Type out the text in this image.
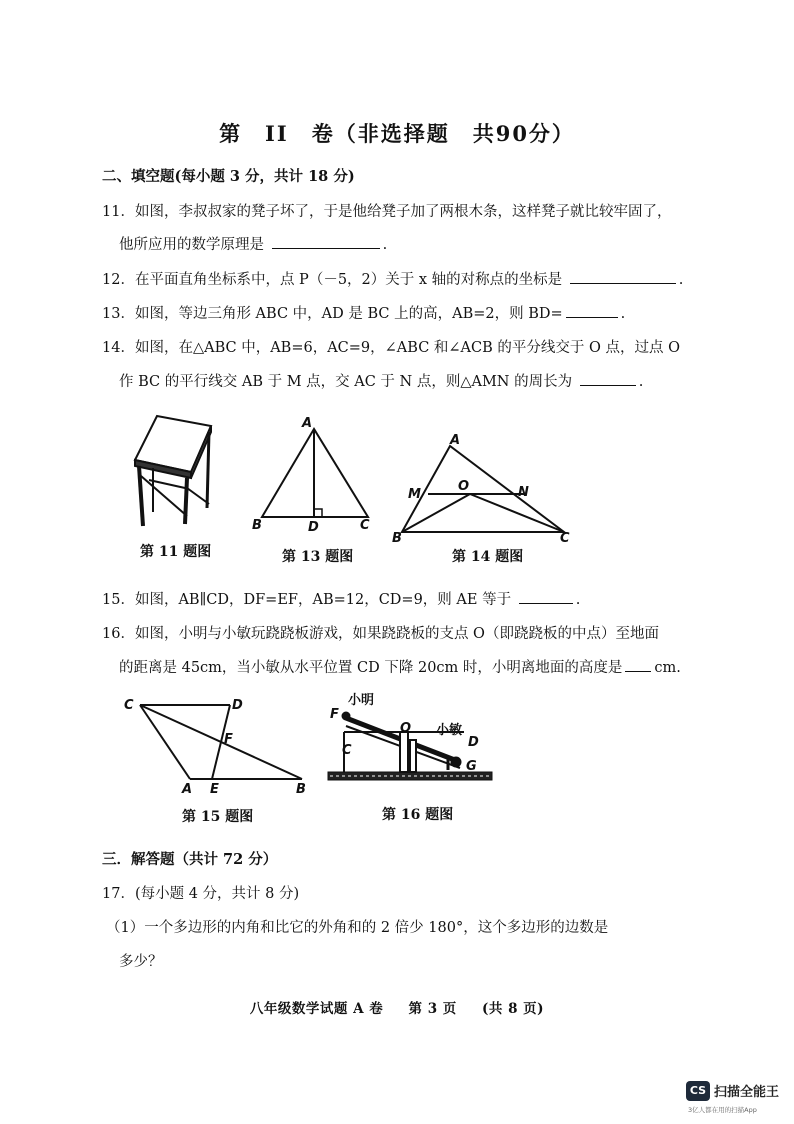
第　II　卷（非选择题　共90分）
二、填空题(每小题 3 分，共计 18 分)
11．如图，李叔叔家的凳子坏了，于是他给凳子加了两根木条，这样凳子就比较牢固了，
他所应用的数学原理是	.
12．在平面直角坐标系中，点 P（－5，2）关于 x 轴的对称点的坐标是	.
13．如图，等边三角形 ABC 中，AD 是 BC 上的高，AB=2，则 BD=	.
14．如图，在△ABC 中，AB=6，AC=9，∠ABC 和∠ACB 的平分线交于 O 点，过点 O
作 BC 的平行线交 AB 于 M 点，交 AC 于 N 点，则△AMN 的周长为	.
第 11 题图
A
B	D	C
第 13 题图
A
M
O	N
B	C
第 14 题图
15．如图，AB∥CD，DF=EF，AB=12，CD=9，则 AE 等于	.
16．如图，小明与小敏玩跷跷板游戏，如果跷跷板的支点 O（即跷跷板的中点）至地面
的距离是 45cm，当小敏从水平位置 CD 下降 20cm 时，小明离地面的高度是 cm.
C	D
F
A E	B
第 15 题图
小明
F
O 小敏
C
D
G
第 16 题图
三．解答题（共计 72 分）
17．(每小题 4 分，共计 8 分)
（1）一个多边形的内角和比它的外角和的 2 倍少 180°，这个多边形的边数是
多少？
八年级数学试题 A 卷 第 3 页 (共 8 页)
CS 扫描全能王
3亿人都在用的扫描App
